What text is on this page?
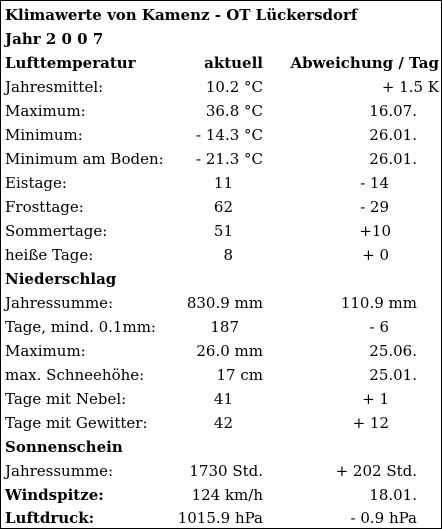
Klimawerte von Kamenz - OT Lückersdorf
Jahr 2 0 0 7
Lufttemperatur	aktuell Abweichung / Tag
Jahresmittel:	10.2 °C	+ 1.5 K
Maximum:	36.8 °C	16.07.
Minimum:	- 14.3 °C	26.01.
Minimum am Boden: - 21.3 °C	26.01.
Eistage:	11	- 14
Frosttage:	62	- 29
Sommertage:	51	+10
heiße Tage:	8	+ 0
Niederschlag
Jahressumme:	830.9 mm	110.9 mm
Tage, mind. 0.1mm:	187	- 6
Maximum:	26.0 mm	25.06.
max. Schneehöhe:	17 cm	25.01.
Tage mit Nebel:	41	+ 1
Tage mit Gewitter:	42	+ 12
Sonnenschein
Jahressumme:	1730 Std.	+ 202 Std.
Windspitze:	124 km/h	18.01.
Luftdruck:	1015.9 hPa	- 0.9 hPa
